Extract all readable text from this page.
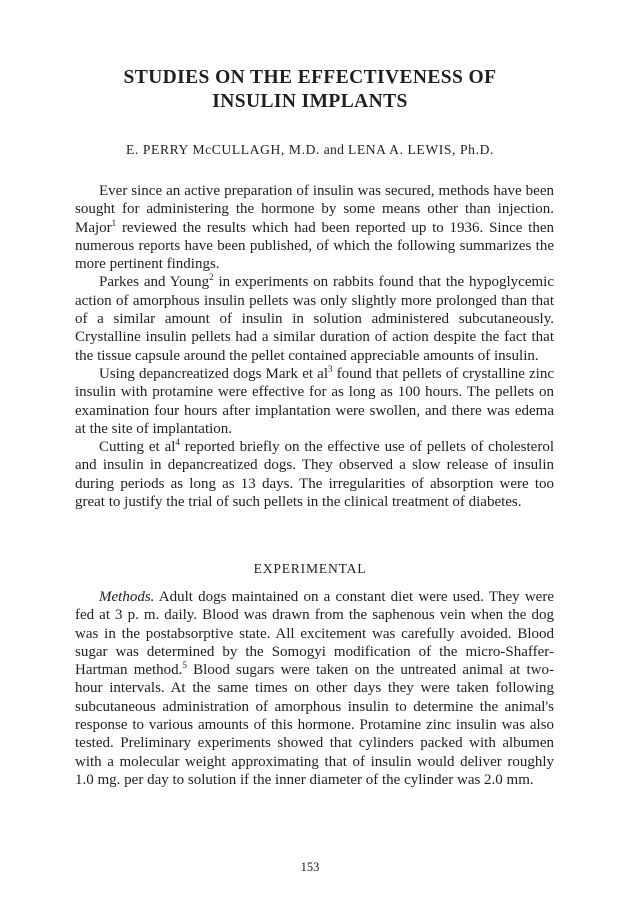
STUDIES ON THE EFFECTIVENESS OF
INSULIN IMPLANTS
E. PERRY McCULLAGH, M.D. and LENA A. LEWIS, Ph.D.

Ever since an active preparation of insulin was secured, methods have been sought for administering the hormone by some means other than injection. Major$^1$ reviewed the results which had been reported up to 1936. Since then numerous reports have been published, of which the following summarizes the more pertinent findings.

Parkes and Young$^2$ in experiments on rabbits found that the hypoglycemic action of amorphous insulin pellets was only slightly more prolonged than that of a similar amount of insulin in solution administered subcutaneously. Crystalline insulin pellets had a similar duration of action despite the fact that the tissue capsule around the pellet contained appreciable amounts of insulin.

Using depancreatized dogs Mark et $al^3$ found that pellets of crystalline zinc insulin with protamine were effective for as long as 100 hours. The pellets on examination four hours after implantation were swollen, and there was edema at the site of implantation.

Cutting et $al^4$ reported briefly on the effective use of pellets of cholesterol and insulin in depancreatized dogs. They observed a slow release of insulin during periods as long as 13 days. The irregularities of absorption were too great to justify the trial of such pellets in the clinical treatment of diabetes.

EXPERIMENTAL

Methods. Adult dogs maintained on a constant diet were used. They were fed at 3 p. m. daily. Blood was drawn from the saphenous vein when the dog was in the postabsorptive state. All excitement was carefully avoided. Blood sugar was determined by the Somogyi modification of the micro-Shaffer-Hartman method.$^5$ Blood sugars were taken on the untreated animal at two-hour intervals. At the same times on other days they were taken following subcutaneous administration of amorphous insulin to determine the animal's response to various amounts of this hormone. Protamine zinc insulin was also tested. Preliminary experiments showed that cylinders packed with albumen with a molecular weight approximating that of insulin would deliver roughly 1.0 mg. per day to solution if the inner diameter of the cylinder was 2.0 mm.

153
